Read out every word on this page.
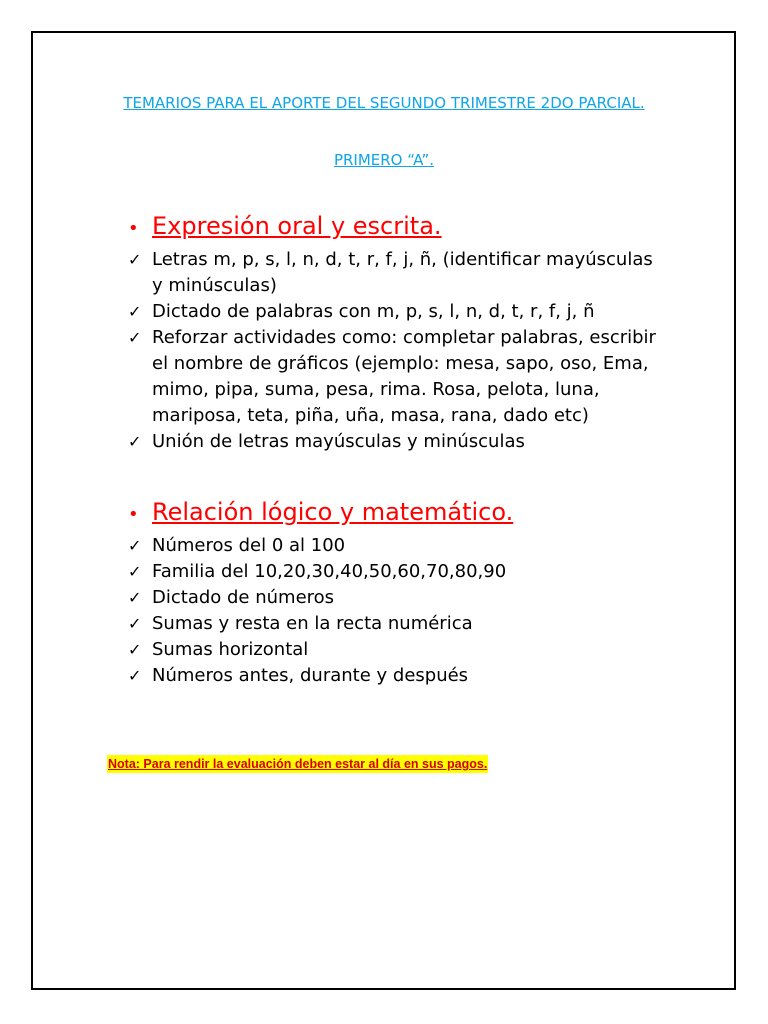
TEMARIOS PARA EL APORTE DEL SEGUNDO TRIMESTRE 2DO PARCIAL.
PRIMERO “A”.
• Expresión oral y escrita.
✓ Letras m, p, s, l, n, d, t, r, f, j, ñ, (identificar mayúsculas y minúsculas)
✓ Dictado de palabras con m, p, s, l, n, d, t, r, f, j, ñ
✓ Reforzar actividades como: completar palabras, escribir el nombre de gráficos (ejemplo: mesa, sapo, oso, Ema, mimo, pipa, suma, pesa, rima. Rosa, pelota, luna, mariposa, teta, piña, uña, masa, rana, dado etc)
✓ Unión de letras mayúsculas y minúsculas
• Relación lógico y matemático.
✓ Números del 0 al 100
✓ Familia del 10,20,30,40,50,60,70,80,90
✓ Dictado de números
✓ Sumas y resta en la recta numérica
✓ Sumas horizontal
✓ Números antes, durante y después
Nota: Para rendir la evaluación deben estar al día en sus pagos.
